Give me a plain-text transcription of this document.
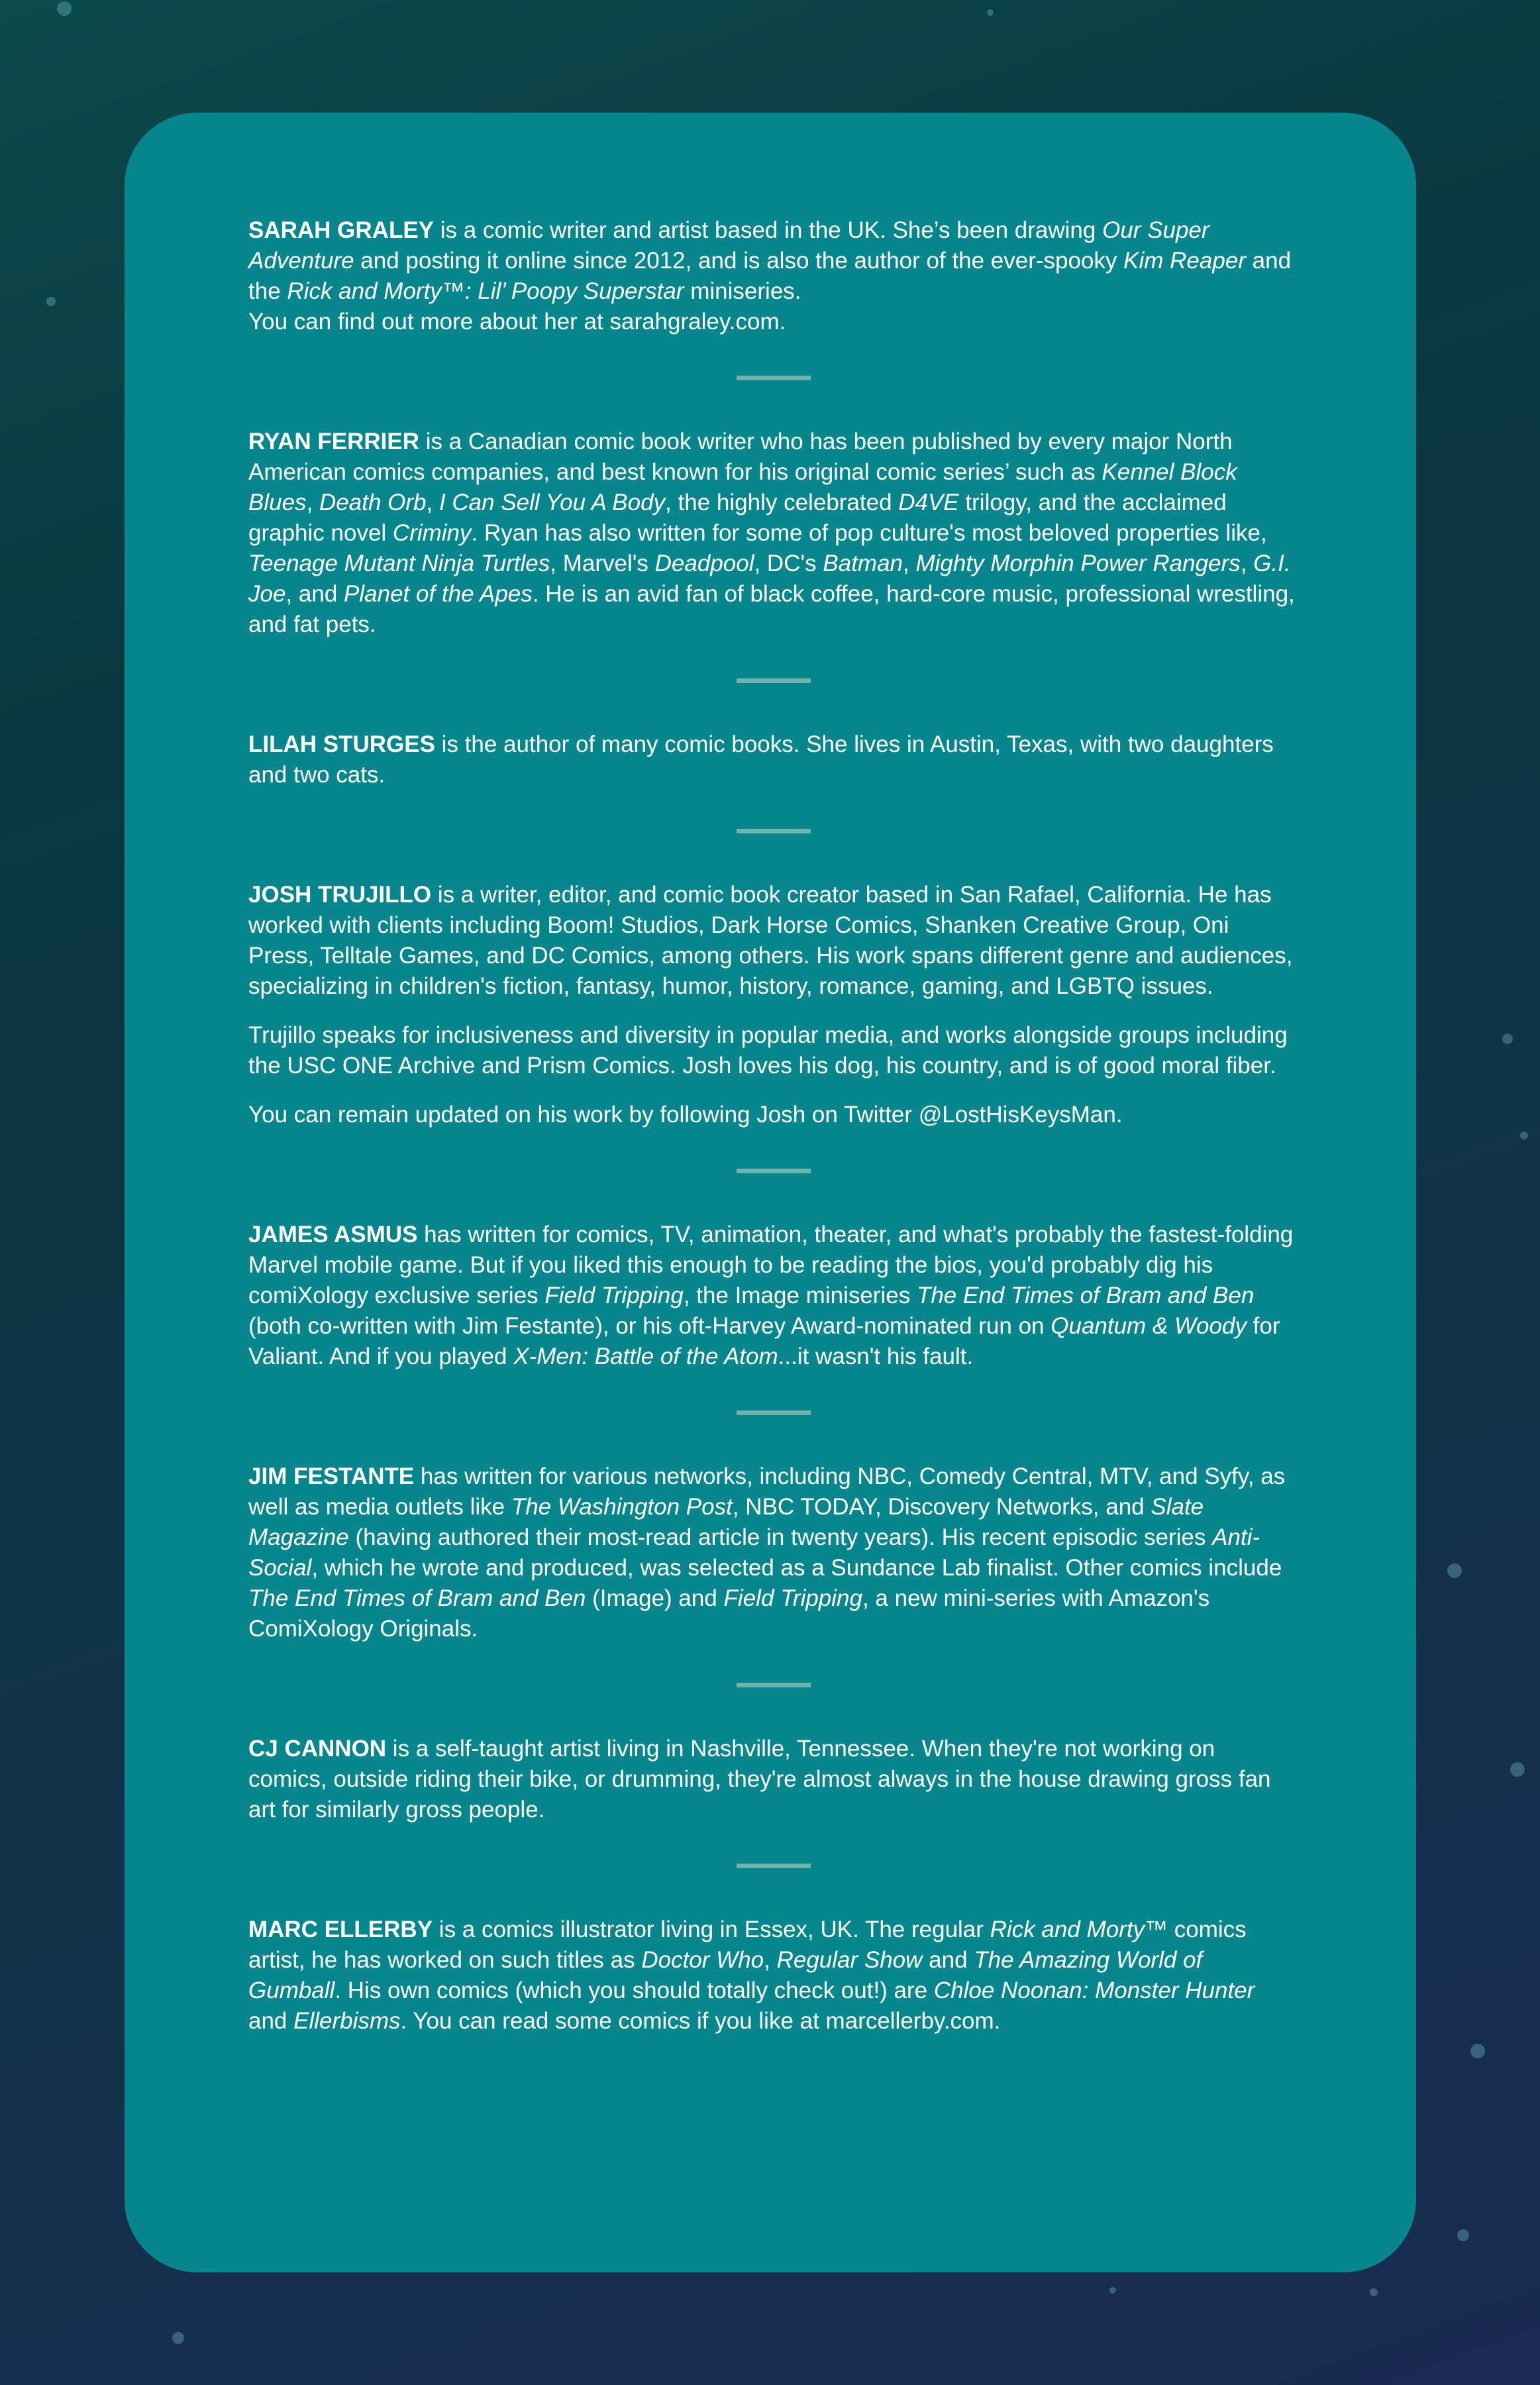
SARAH GRALEY is a comic writer and artist based in the UK. She’s been drawing Our Super Adventure and posting it online since 2012, and is also the author of the ever-spooky Kim Reaper and the Rick and Morty™: Lil’ Poopy Superstar miniseries.
You can find out more about her at sarahgraley.com.

RYAN FERRIER is a Canadian comic book writer who has been published by every major North American comics companies, and best known for his original comic series’ such as Kennel Block Blues, Death Orb, I Can Sell You A Body, the highly celebrated D4VE trilogy, and the acclaimed graphic novel Criminy. Ryan has also written for some of pop culture's most beloved properties like, Teenage Mutant Ninja Turtles, Marvel's Deadpool, DC's Batman, Mighty Morphin Power Rangers, G.I. Joe, and Planet of the Apes. He is an avid fan of black coffee, hard-core music, professional wrestling, and fat pets.

LILAH STURGES is the author of many comic books. She lives in Austin, Texas, with two daughters and two cats.

JOSH TRUJILLO is a writer, editor, and comic book creator based in San Rafael, California. He has worked with clients including Boom! Studios, Dark Horse Comics, Shanken Creative Group, Oni Press, Telltale Games, and DC Comics, among others. His work spans different genre and audiences, specializing in children's fiction, fantasy, humor, history, romance, gaming, and LGBTQ issues.

Trujillo speaks for inclusiveness and diversity in popular media, and works alongside groups including the USC ONE Archive and Prism Comics. Josh loves his dog, his country, and is of good moral fiber.

You can remain updated on his work by following Josh on Twitter @LostHisKeysMan.

JAMES ASMUS has written for comics, TV, animation, theater, and what's probably the fastest-folding Marvel mobile game. But if you liked this enough to be reading the bios, you'd probably dig his comiXology exclusive series Field Tripping, the Image miniseries The End Times of Bram and Ben (both co-written with Jim Festante), or his oft-Harvey Award-nominated run on Quantum & Woody for Valiant. And if you played X-Men: Battle of the Atom...it wasn't his fault.

JIM FESTANTE has written for various networks, including NBC, Comedy Central, MTV, and Syfy, as well as media outlets like The Washington Post, NBC TODAY, Discovery Networks, and Slate Magazine (having authored their most-read article in twenty years). His recent episodic series Anti-Social, which he wrote and produced, was selected as a Sundance Lab finalist. Other comics include The End Times of Bram and Ben (Image) and Field Tripping, a new mini-series with Amazon's ComiXology Originals.

CJ CANNON is a self-taught artist living in Nashville, Tennessee. When they're not working on comics, outside riding their bike, or drumming, they're almost always in the house drawing gross fan art for similarly gross people.

MARC ELLERBY is a comics illustrator living in Essex, UK. The regular Rick and Morty™ comics artist, he has worked on such titles as Doctor Who, Regular Show and The Amazing World of Gumball. His own comics (which you should totally check out!) are Chloe Noonan: Monster Hunter and Ellerbisms. You can read some comics if you like at marcellerby.com.
